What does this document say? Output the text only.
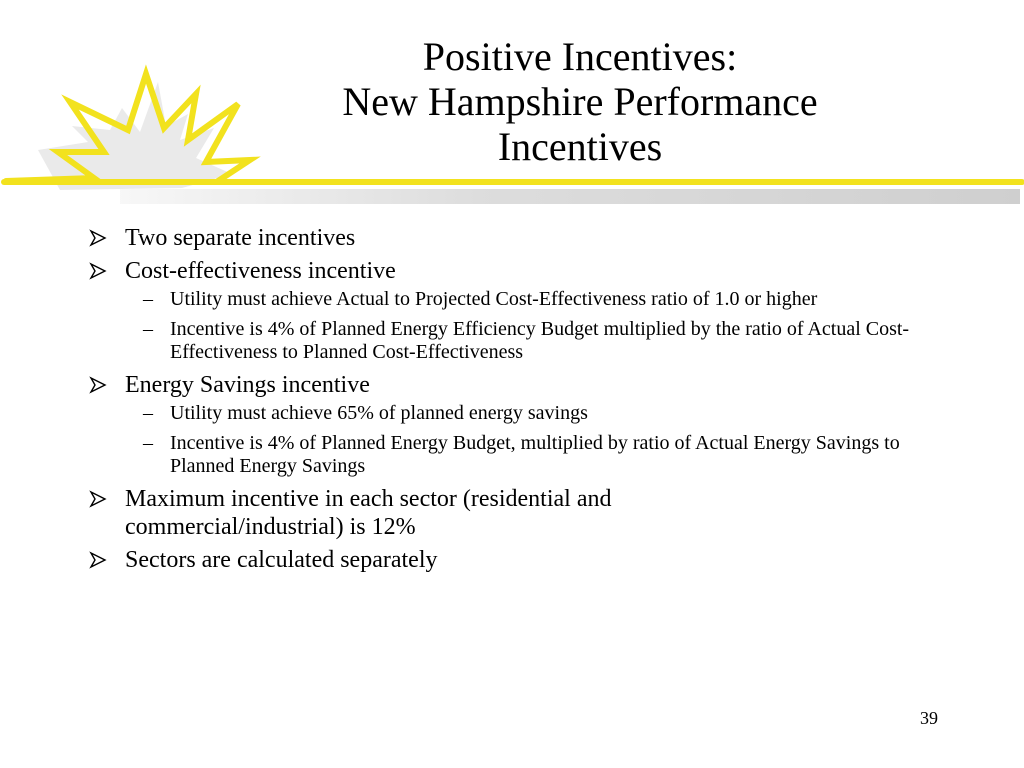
Positive Incentives:
New Hampshire Performance
Incentives
Two separate incentives
Cost-effectiveness incentive
– Utility must achieve Actual to Projected Cost-Effectiveness ratio of 1.0 or higher
– Incentive is 4% of Planned Energy Efficiency Budget multiplied by the ratio of Actual Cost-Effectiveness to Planned Cost-Effectiveness
Energy Savings incentive
– Utility must achieve 65% of planned energy savings
– Incentive is 4% of Planned Energy Budget, multiplied by ratio of Actual Energy Savings to Planned Energy Savings
Maximum incentive in each sector (residential and commercial/industrial) is 12%
Sectors are calculated separately
39
